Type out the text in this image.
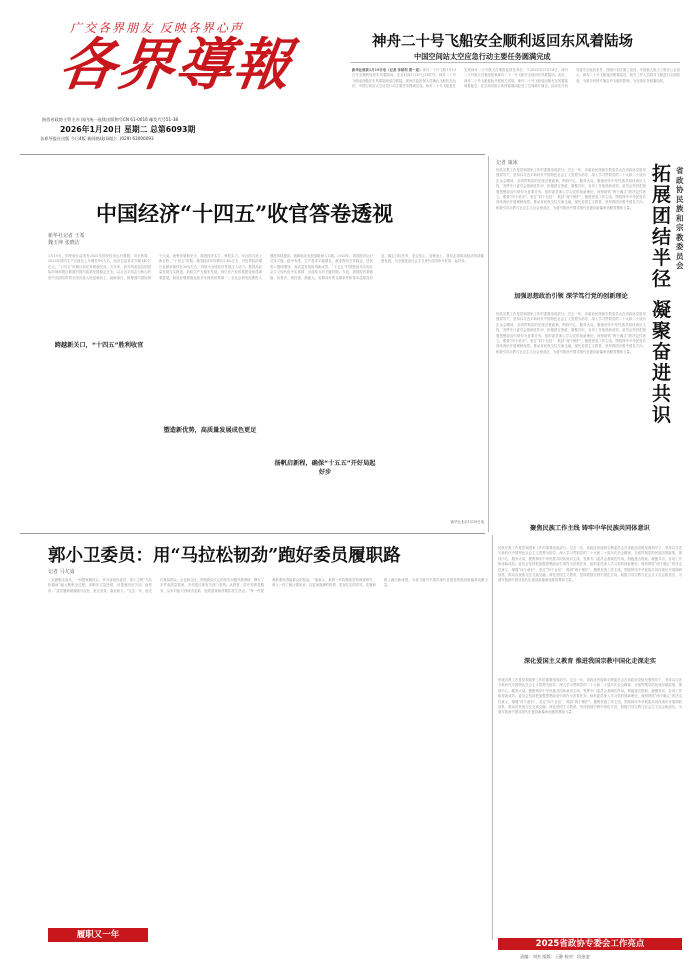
广交各界朋友 反映各界心声
各界導報
陕西省政协主管主办 国内统一连续出版物号CN 61-0016 邮发代号51-38
2026年1月20日 星期二 总第6093期
各界导报社出版 今日4版 新闻热线(网址)：(029) 63000093
神舟二十号飞船安全顺利返回东风着陆场
中国空间站太空应急行动主要任务圆满完成
新华社酒泉1月19日电（记者 李国利 黄一宸）神舟二十号飞船1月19日安全顺利返回东风着陆场。北京时间1月19日11时许，神舟二十号飞船返回舱在东风着陆场成功着陆，现场医监医保人员确认飞船状态良好，中国空间站太空应急行动主要任务圆满完成。神舟二十号飞船是在完成神舟二十号航天员乘组返回任务后，于2025年11月14日，神舟二十号航天员乘组搭乘神舟二十一号飞船安全返回东风着陆场。此后，神舟二十号飞船留轨开展相关试验。神舟二十号飞船返回舱在东风着陆场着陆后，在空间站组合体停靠期间经受了空间碎片撞击，经评估分析具备安全返回条件，按照计划实施了返回。中国载人航天工程办公室表示，神舟二十号飞船返回舱着陆后，相关工作人员将对飞船进行全面检查，全面分析碎片撞击对飞船的影响，为后续任务积累经验。
新华社记者 王希 魏玉坤 张晓洁
中国经济“十四五”收官答卷透视
1月19日，国家统计局发布2025年国民经济运行数据。初步核算，2025年国内生产总值比上年增长5%左右，经济总量首次突破140万亿元，“十四五”时期目标任务圆满完成。五年来，面对风高浪急的国际环境和艰巨繁重的国内改革发展稳定任务，以习近平同志为核心的党中央团结带领全国各族人民迎难而上，砥砺前行，统筹国内国际两个大局，统筹发展和安全，我国经济实力、科技实力、综合国力跃上新台阶。“十四五”时期，我国经济年均增长5.4%左右，对世界经济增长贡献率保持在30%左右，持续为全球经济发展注入动力。我国高质量发展扎实推进，新质生产力稳步发展，现代化产业体系建设取得重要进展，制造业增加值连续多年保持世界第一，全社会研发经费投入强度持续提高，创新驱动发展战略深入实施。2025年，我国经济运行总体平稳、稳中有进，生产需求平稳增长，就业物价总体稳定，居民收入继续增加，高质量发展取得新成效。“十五五”时期是基本实现社会主义现代化夯实基础、全面发力的关键时期。当前，我国经济基础稳、优势多、韧性强、潜能大，长期向好的支撑条件和基本趋势没有变。锚定目标任务，坚定信心、迎难而上，我们必将推动经济持续健康发展，为全面建设社会主义现代化国家开好局、起好步。
跨越新关口，“十四五”胜利收官
塑造新优势，高质量发展成色更足
扬帆启新程，确保“十五五”开好局起好步
记者 康冰
民族宗教工作是党和国家工作的重要组成部分。过去一年，省政协民族和宗教委员会在省政协党组坚强领导下，坚持以习近平新时代中国特色社会主义思想为指导，深入学习贯彻党的二十大和二十届历次全会精神，全面贯彻党的民族宗教政策，围绕中心、服务大局，聚焦铸牢中华民族共同体意识主线，发挥专门委员会基础性作用，积极建言资政、凝聚共识，各项工作取得新成效。委员会坚持把加强思想政治引领作为首要任务，组织委员深入学习党的创新理论，深刻领悟“两个确立”的决定性意义，增强“四个意识”、坚定“四个自信”、做到“两个维护”。聚焦民族工作主线，围绕铸牢中华民族共同体意识开展调研视察，推动各民族交往交流交融。深化爱国主义教育，坚持我国宗教中国化方向，积极引导宗教与社会主义社会相适应，为谱写陕西中国式现代化建设新篇章贡献智慧和力量。
省政协民族和宗教委员会
拓
展
团
结
半
径
凝
聚
奋
进
共
识
加强思想政治引领 深学笃行党的创新理论
民族宗教工作是党和国家工作的重要组成部分。过去一年，省政协民族和宗教委员会在省政协党组坚强领导下，坚持以习近平新时代中国特色社会主义思想为指导，深入学习贯彻党的二十大和二十届历次全会精神，全面贯彻党的民族宗教政策，围绕中心、服务大局，聚焦铸牢中华民族共同体意识主线，发挥专门委员会基础性作用，积极建言资政、凝聚共识，各项工作取得新成效。委员会坚持把加强思想政治引领作为首要任务，组织委员深入学习党的创新理论，深刻领悟“两个确立”的决定性意义，增强“四个意识”、坚定“四个自信”、做到“两个维护”。聚焦民族工作主线，围绕铸牢中华民族共同体意识开展调研视察，推动各民族交往交流交融。深化爱国主义教育，坚持我国宗教中国化方向，积极引导宗教与社会主义社会相适应，为谱写陕西中国式现代化建设新篇章贡献智慧和力量。
聚焦民族工作主线 铸牢中华民族共同体意识
民族宗教工作是党和国家工作的重要组成部分。过去一年，省政协民族和宗教委员会在省政协党组坚强领导下，坚持以习近平新时代中国特色社会主义思想为指导，深入学习贯彻党的二十大和二十届历次全会精神，全面贯彻党的民族宗教政策，围绕中心、服务大局，聚焦铸牢中华民族共同体意识主线，发挥专门委员会基础性作用，积极建言资政、凝聚共识，各项工作取得新成效。委员会坚持把加强思想政治引领作为首要任务，组织委员深入学习党的创新理论，深刻领悟“两个确立”的决定性意义，增强“四个意识”、坚定“四个自信”、做到“两个维护”。聚焦民族工作主线，围绕铸牢中华民族共同体意识开展调研视察，推动各民族交往交流交融。深化爱国主义教育，坚持我国宗教中国化方向，积极引导宗教与社会主义社会相适应，为谱写陕西中国式现代化建设新篇章贡献智慧和力量。
深化爱国主义教育 推进我国宗教中国化走深走实
民族宗教工作是党和国家工作的重要组成部分。过去一年，省政协民族和宗教委员会在省政协党组坚强领导下，坚持以习近平新时代中国特色社会主义思想为指导，深入学习贯彻党的二十大和二十届历次全会精神，全面贯彻党的民族宗教政策，围绕中心、服务大局，聚焦铸牢中华民族共同体意识主线，发挥专门委员会基础性作用，积极建言资政、凝聚共识，各项工作取得新成效。委员会坚持把加强思想政治引领作为首要任务，组织委员深入学习党的创新理论，深刻领悟“两个确立”的决定性意义，增强“四个意识”、坚定“四个自信”、做到“两个维护”。聚焦民族工作主线，围绕铸牢中华民族共同体意识开展调研视察，推动各民族交往交流交融。深化爱国主义教育，坚持我国宗教中国化方向，积极引导宗教与社会主义社会相适应，为谱写陕西中国式现代化建设新篇章贡献智慧和力量。
新华社北京1月19日电
郭小卫委员：用“马拉松韧劲”跑好委员履职路
记者 马尤嵩
一双跑鞋走南北，一份提案暖民心。作为省政协委员，郭小卫把“马拉松精神”融入履职全过程，用脚步丈量民情，用提案回应关切。他常说：“委员履职就像跑马拉松，贵在坚持，重在耐力。”过去一年，他走访基层群众、企业和社区，围绕群众关心的民生问题开展调研，撰写了多件高质量提案，多项建议被有关部门采纳。从教育、医疗到养老服务，从乡村振兴到城市更新，他的提案始终紧扣民生热点。“每一件提案都要经得起群众的检验。”他表示，新的一年将继续坚持调查研究，深入一线了解社情民意，以更加饱满的热情、更加扎实的作风，在履职路上跑出新成绩，为奋力谱写中国式现代化建设的陕西新篇章贡献力量。
履职又一年
2025省政协专委会工作亮点
责编：刘杰 组版：王静 校对：段金凌
